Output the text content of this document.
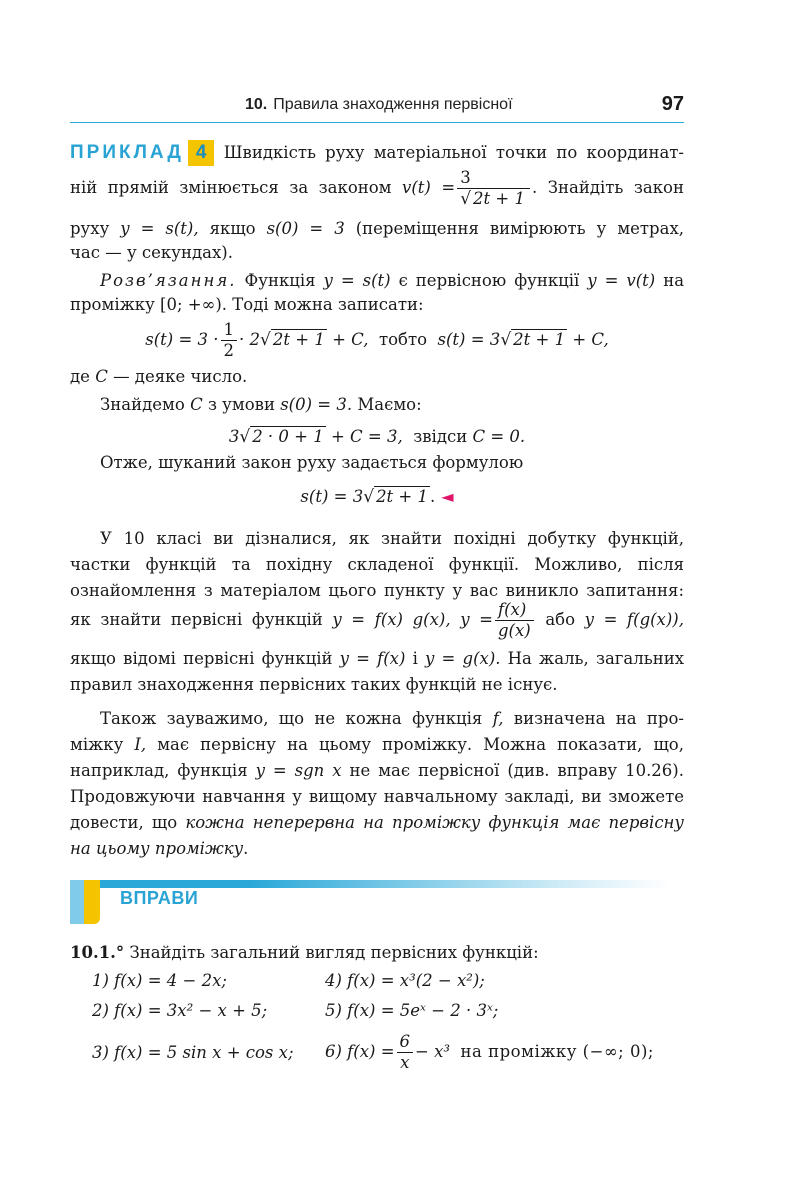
10. Правила знаходження первісної	97
ПРИКЛАД 4 Швидкість руху матеріальної точки по координат-
ній прямій змінюється за законом $v(t) = \frac{3}{√ 2t + 1}$ . Знайдіть закон
руху y = s(t), якщо s(0) = 3 (переміщення вимірюють у метрах,
час — у секундах).
Розв’язання. Функція y = s(t) є первісною функції y = v(t) на
проміжку [0; +∞). Тоді можна записати:
$s(t) = 3 \cdot \frac{1}{2} \cdot 2√$ 2t + 1 + C, тобто s(t) = 3√ 2t + 1 + C,
де C — деяке число.
Знайдемо C з умови s(0) = 3. Маємо:
3√ 2 · 0 + 1 + C = 3, звідси C = 0.
Отже, шуканий закон руху задається формулою
s(t) = 3√ 2t + 1 . ◄
У 10 класі ви дізналися, як знайти похідні добутку функцій,
частки функцій та похідну складеної функції. Можливо, після
ознайомлення з матеріалом цього пункту у вас виникло запитання:
як знайти первісні функцій y = f(x) g(x), $y = \frac{f(x)}{g(x)}$ або y = f(g(x)),
якщо відомі первісні функцій y = f(x) і y = g(x). На жаль, загальних
правил знаходження первісних таких функцій не існує.
Також зауважимо, що не кожна функція f, визначена на про-
міжку I, має первісну на цьому проміжку. Можна показати, що,
наприклад, функція y = sgn x не має первісної (див. вправу 10.26).
Продовжуючи навчання у вищому навчальному закладі, ви зможете
довести, що кожна неперервна на проміжку функція має первісну
на цьому проміжку.
ВПРАВИ
10.1.° Знайдіть загальний вигляд первісних функцій:
1) f(x) = 4 − 2x;
2) f(x) = 3x² − x + 5;
3) f(x) = 5 sin x + cos x;
4) f(x) = x³(2 − x²);
5) f(x) = 5eˣ − 2 · 3ˣ;
6) $f(x) = \frac{6}{x} - x^3$ на проміжку (−∞; 0);
